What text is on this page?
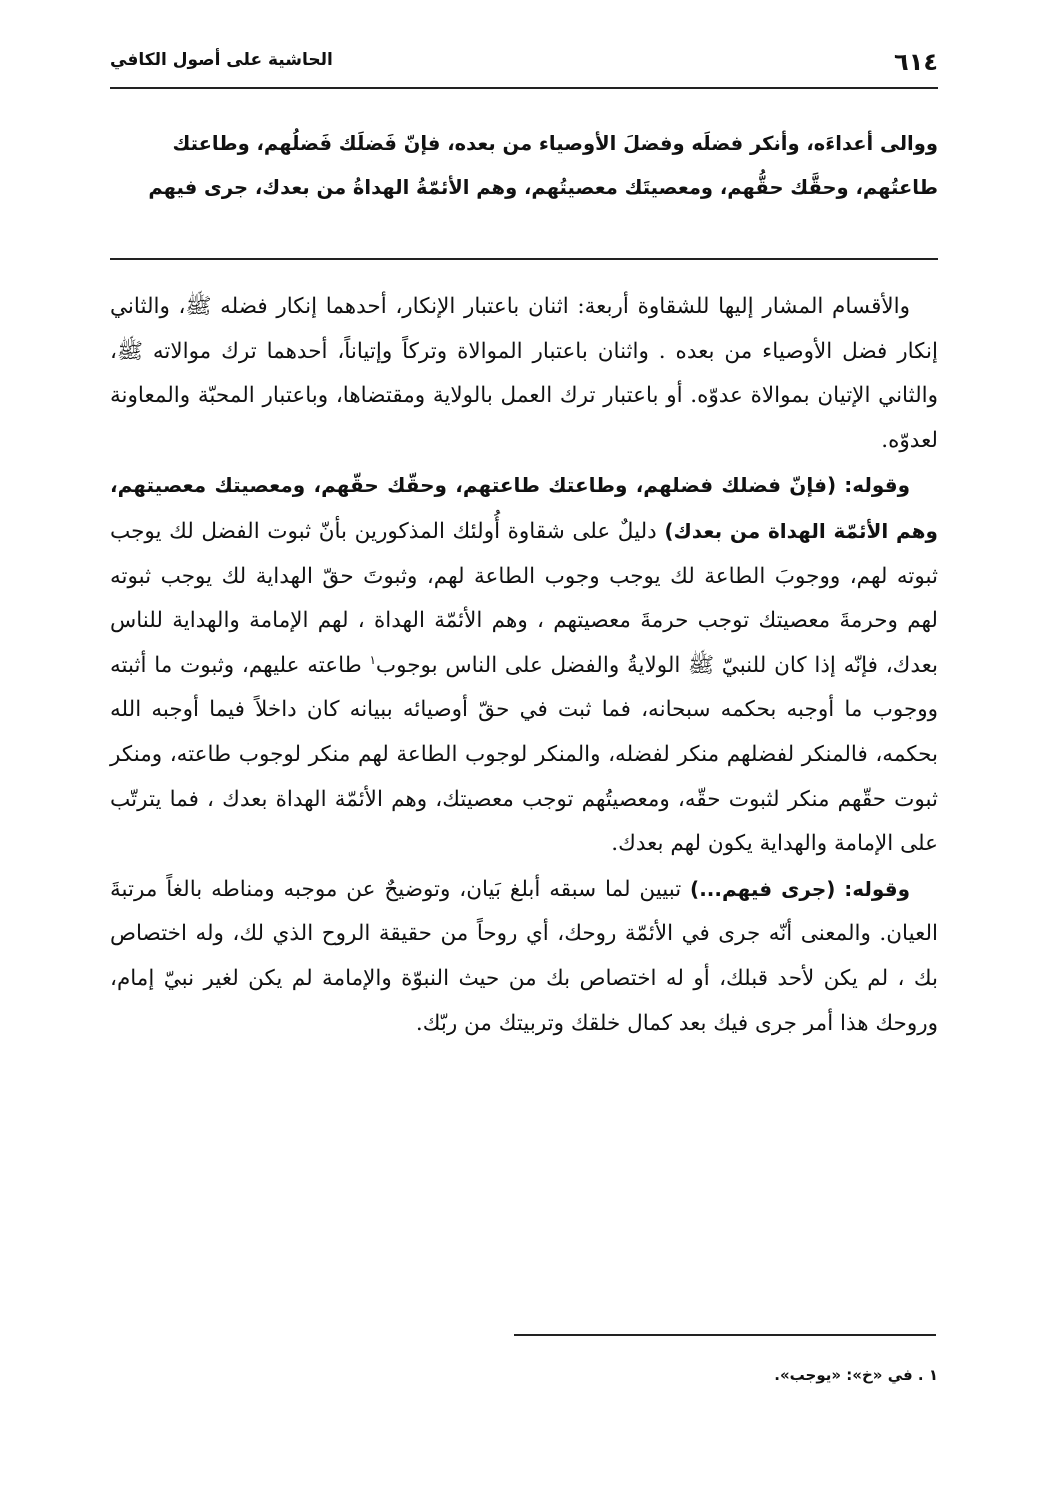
٦١٤
الحاشية على أصول الكافي

ووالى أعداءَه، وأنكر فضلَه وفضلَ الأوصياء من بعده، فإنّ فَضلَك فَضلُهم، وطاعتك

طاعتُهم، وحقَّك حقُّهم، ومعصيتَك معصيتُهم، وهم الأئمّةُ الهداةُ من بعدك، جرى فيهم

والأقسام المشار إليها للشقاوة أربعة: اثنان باعتبار الإنكار، أحدهما إنكار فضله ﷺ، والثاني إنكار فضل الأوصياء من بعده . واثنان باعتبار الموالاة وتركاً وإتياناً، أحدهما ترك موالاته ﷺ، والثاني الإتيان بموالاة عدوّه. أو باعتبار ترك العمل بالولاية ومقتضاها، وباعتبار المحبّة والمعاونة لعدوّه.

وقوله: (فإنّ فضلك فضلهم، وطاعتك طاعتهم، وحقّك حقّهم، ومعصيتك معصيتهم، وهم الأئمّة الهداة من بعدك) دليلٌ على شقاوة أُولئك المذكورين بأنّ ثبوت الفضل لك يوجب ثبوته لهم، ووجوبَ الطاعة لك يوجب وجوب الطاعة لهم، وثبوتَ حقّ الهداية لك يوجب ثبوته لهم وحرمةَ معصيتك توجب حرمةَ معصيتهم ، وهم الأئمّة الهداة ، لهم الإمامة والهداية للناس بعدك، فإنّه إذا كان للنبيّ ﷺ الولايةُ والفضل على الناس بوجوب$^١$ طاعته عليهم، وثبوت ما أثبته ووجوب ما أوجبه بحكمه سبحانه، فما ثبت في حقّ أوصيائه ببيانه كان داخلاً فيما أوجبه الله بحكمه، فالمنكر لفضلهم منكر لفضله، والمنكر لوجوب الطاعة لهم منكر لوجوب طاعته، ومنكر ثبوت حقّهم منكر لثبوت حقّه، ومعصيتُهم توجب معصيتك، وهم الأئمّة الهداة بعدك ، فما يترتّب على الإمامة والهداية يكون لهم بعدك.

وقوله: (جرى فيهم...) تبيين لما سبقه أبلغ بَيان، وتوضيحٌ عن موجبه ومناطه بالغاً مرتبةَ العيان. والمعنى أنّه جرى في الأئمّة روحك، أي روحاً من حقيقة الروح الذي لك، وله اختصاص بك ، لم يكن لأحد قبلك، أو له اختصاص بك من حيث النبوّة والإمامة لم يكن لغير نبيّ إمام، وروحك هذا أمر جرى فيك بعد كمال خلقك وتربيتك من ربّك.

١ . في «خ»: «يوجب».
